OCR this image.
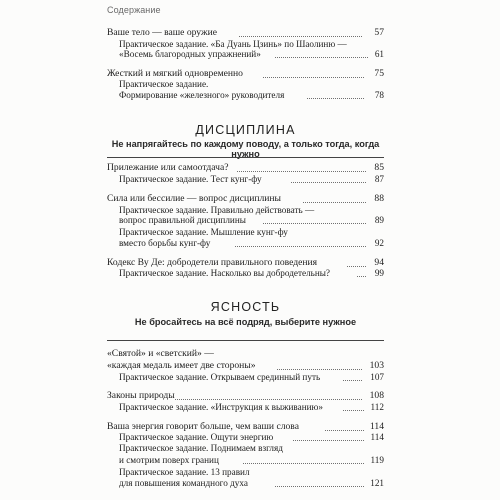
Содержание
Ваше тело — ваше оружие	57
Практическое задание. «Ба Дуань Цзинь» по Шаолиню —
«Восемь благородных упражнений»	61
Жесткий и мягкий одновременно	75
Практическое задание.
Формирование «железного» руководителя	78
ДИСЦИПЛИНА
Не напрягайтесь по каждому поводу, а только тогда, когда нужно
Прилежание или самоотдача?	85
Практическое задание. Тест кунг-фу	87
Сила или бессилие — вопрос дисциплины	88
Практическое задание. Правильно действовать —
вопрос правильной дисциплины	89
Практическое задание. Мышление кунг-фу
вместо борьбы кунг-фу	92
Кодекс Ву Де: добродетели правильного поведения	94
Практическое задание. Насколько вы добродетельны?	99
ЯСНОСТЬ
Не бросайтесь на всё подряд, выберите нужное
«Святой» и «светский» —
«каждая медаль имеет две стороны»	103
Практическое задание. Открываем срединный путь	107
Законы природы	108
Практическое задание. «Инструкция к выживанию»	112
Ваша энергия говорит больше, чем ваши слова	114
Практическое задание. Ощути энергию	114
Практическое задание. Поднимаем взгляд
и смотрим поверх границ	119
Практическое задание. 13 правил
для повышения командного духа	121
